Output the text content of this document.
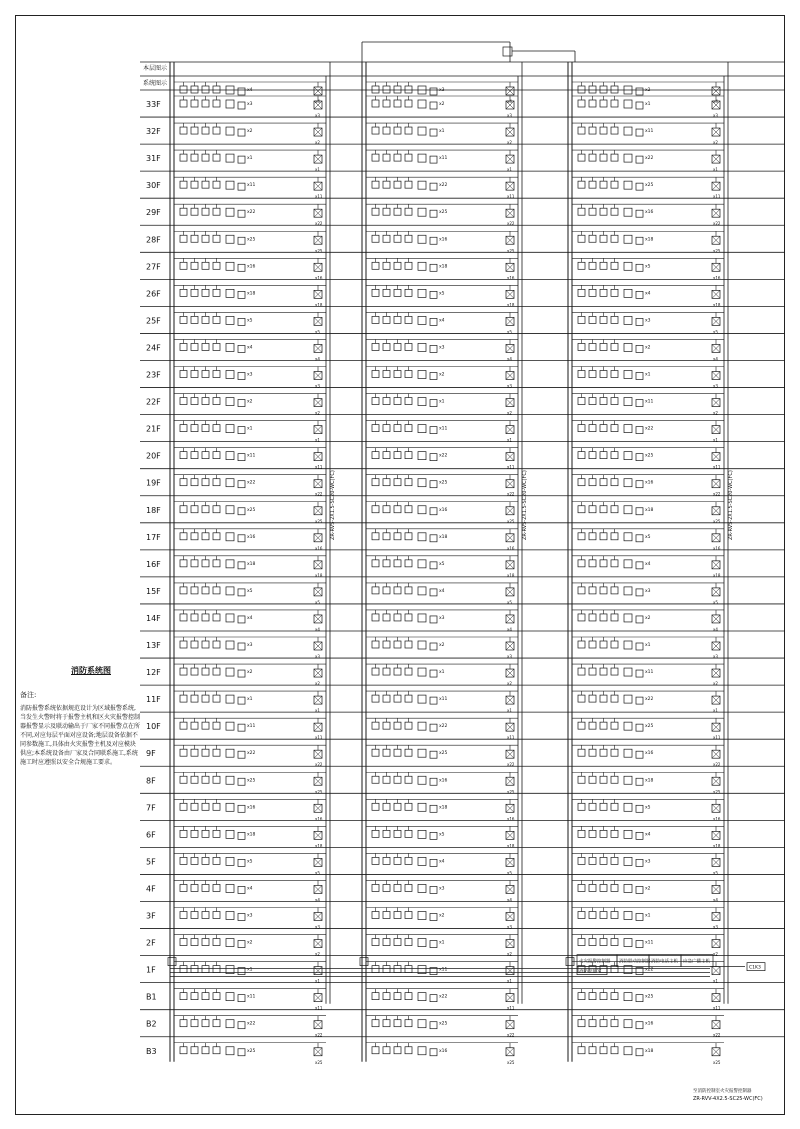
x4
x4
x3
x3
x2
x2
x1
x1
x11
x11
x22
x22
x25
x25
x16
x16
x18
x18
x5
x5
x4
x4
x3
x3
x2
x2
x1
x1
x11
x11
x22
x22
x25
x25
x16
x16
x18
x18
x5
x5
x4
x4
x3
x3
x2
x2
x1
x1
x11
x11
x22
x22
x25
x25
x16
x16
x18
x18
x5
x5
x4
x4
x3
x3
x2
x2
x1
x1
x11
x11
x22
x22
x25
x25
ZR-RVS-2X1.5-SC20-WC(FC)
x3
x4
x2
x3
x1
x2
x11
x1
x22
x11
x25
x22
x16
x25
x18
x16
x5
x18
x4
x5
x3
x4
x2
x3
x1
x2
x11
x1
x22
x11
x25
x22
x16
x25
x18
x16
x5
x18
x4
x5
x3
x4
x2
x3
x1
x2
x11
x1
x22
x11
x25
x22
x16
x25
x18
x16
x5
x18
x4
x5
x3
x4
x2
x3
x1
x2
x11
x1
x22
x11
x25
x22
x16
x25
ZR-RVS-2X1.5-SC20-WC(FC)
x2
x4
x1
x3
x11
x2
x22
x1
x25
x11
x16
x22
x18
x25
x5
x16
x4
x18
x3
x5
x2
x4
x1
x3
x11
x2
x22
x1
x25
x11
x16
x22
x18
x25
x5
x16
x4
x18
x3
x5
x2
x4
x1
x3
x11
x2
x22
x1
x25
x11
x16
x22
x18
x25
x5
x16
x4
x18
x3
x5
x2
x4
x1
x3
x11
x2
x22
x1
x25
x11
x16
x22
x18
x25
ZR-RVS-2X1.5-SC20-WC(FC)
本层图示
系统图示
33F
32F
31F
30F
29F
28F
27F
26F
25F
24F
23F
22F
21F
20F
19F
18F
17F
16F
15F
14F
13F
12F
11F
10F
9F
8F
7F
6F
5F
4F
3F
2F
1F
B1
B2
B3
火灾报警控制器 消防联动控制器 消防电话主机 应急广播主机
消防控制室
C1K3
至消防控制室火灾报警控制器
ZR-RVV-4X2.5-SC25-WC(FC)
消防系统图
备注:
消防报警系统依据规范设计为区域报警系统,当发生火警时将于报警主机和区火灾报警控制器报警显示及联动输出于厂家不同报警点在所不同,对应每层平面对应设备;地层设备依据不同参数施工,具体由火灾报警主机及对应模块供应;本系统设备由厂家及合同联系施工,系统施工时应遵照以安全合规施工要求。
